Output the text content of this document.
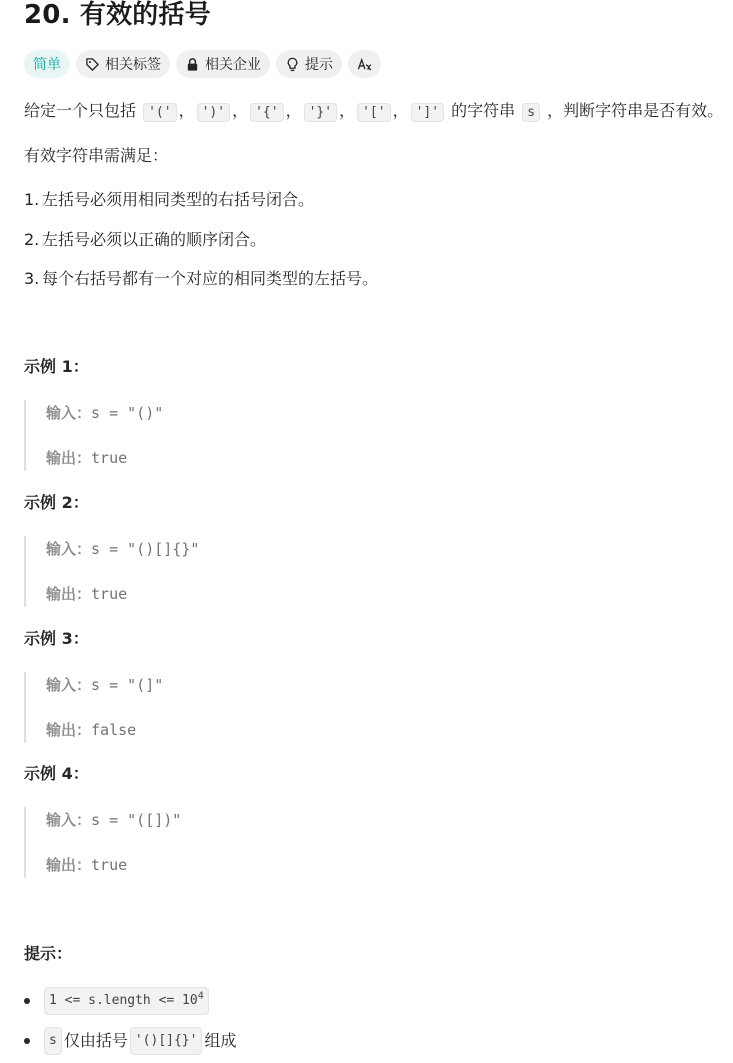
20. 有效的括号
简单	相关标签	相关企业	提示

给定一个只包括 '(' ， ')' ， '{' ， '}' ， '[' ， ']' 的字符串 s ，判断字符串是否有效。

有效字符串需满足：

1. 左括号必须用相同类型的右括号闭合。
2. 左括号必须以正确的顺序闭合。
3. 每个右括号都有一个对应的相同类型的左括号。
示例 1：
输入：s = "()"
输出：true
示例 2：
输入：s = "()[]{}"
输出：true
示例 3：
输入：s = "(]"
输出：false
示例 4：
输入：s = "([])"
输出：true
提示：
1 <= s.length <= $10^4$
s 仅由括号 '()[]{}' 组成
